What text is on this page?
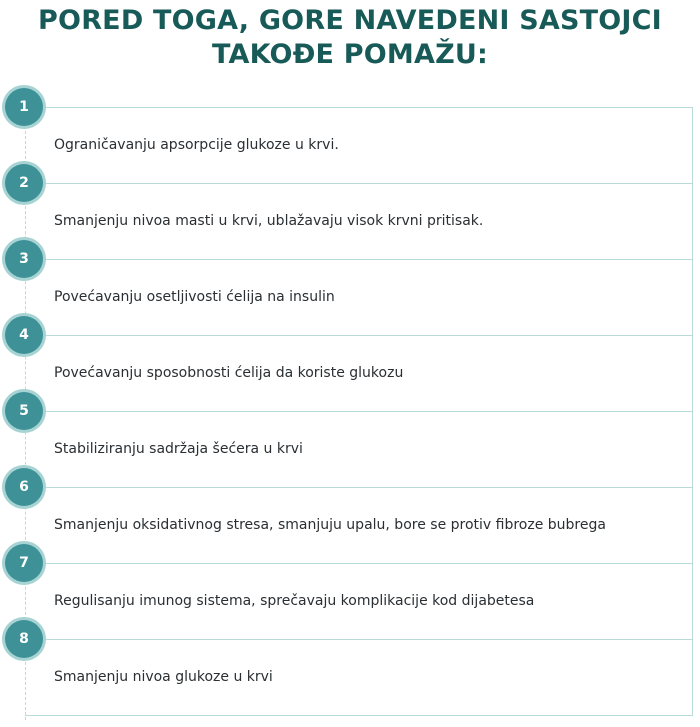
PORED TOGA, GORE NAVEDENI SASTOJCI
TAKOĐE POMAŽU:
1
Ograničavanju apsorpcije glukoze u krvi.
2
Smanjenju nivoa masti u krvi, ublažavaju visok krvni pritisak.
3
Povećavanju osetljivosti ćelija na insulin
4
Povećavanju sposobnosti ćelija da koriste glukozu
5
Stabiliziranju sadržaja šećera u krvi
6
Smanjenju oksidativnog stresa, smanjuju upalu, bore se protiv fibroze bubrega
7
Regulisanju imunog sistema, sprečavaju komplikacije kod dijabetesa
8
Smanjenju nivoa glukoze u krvi
